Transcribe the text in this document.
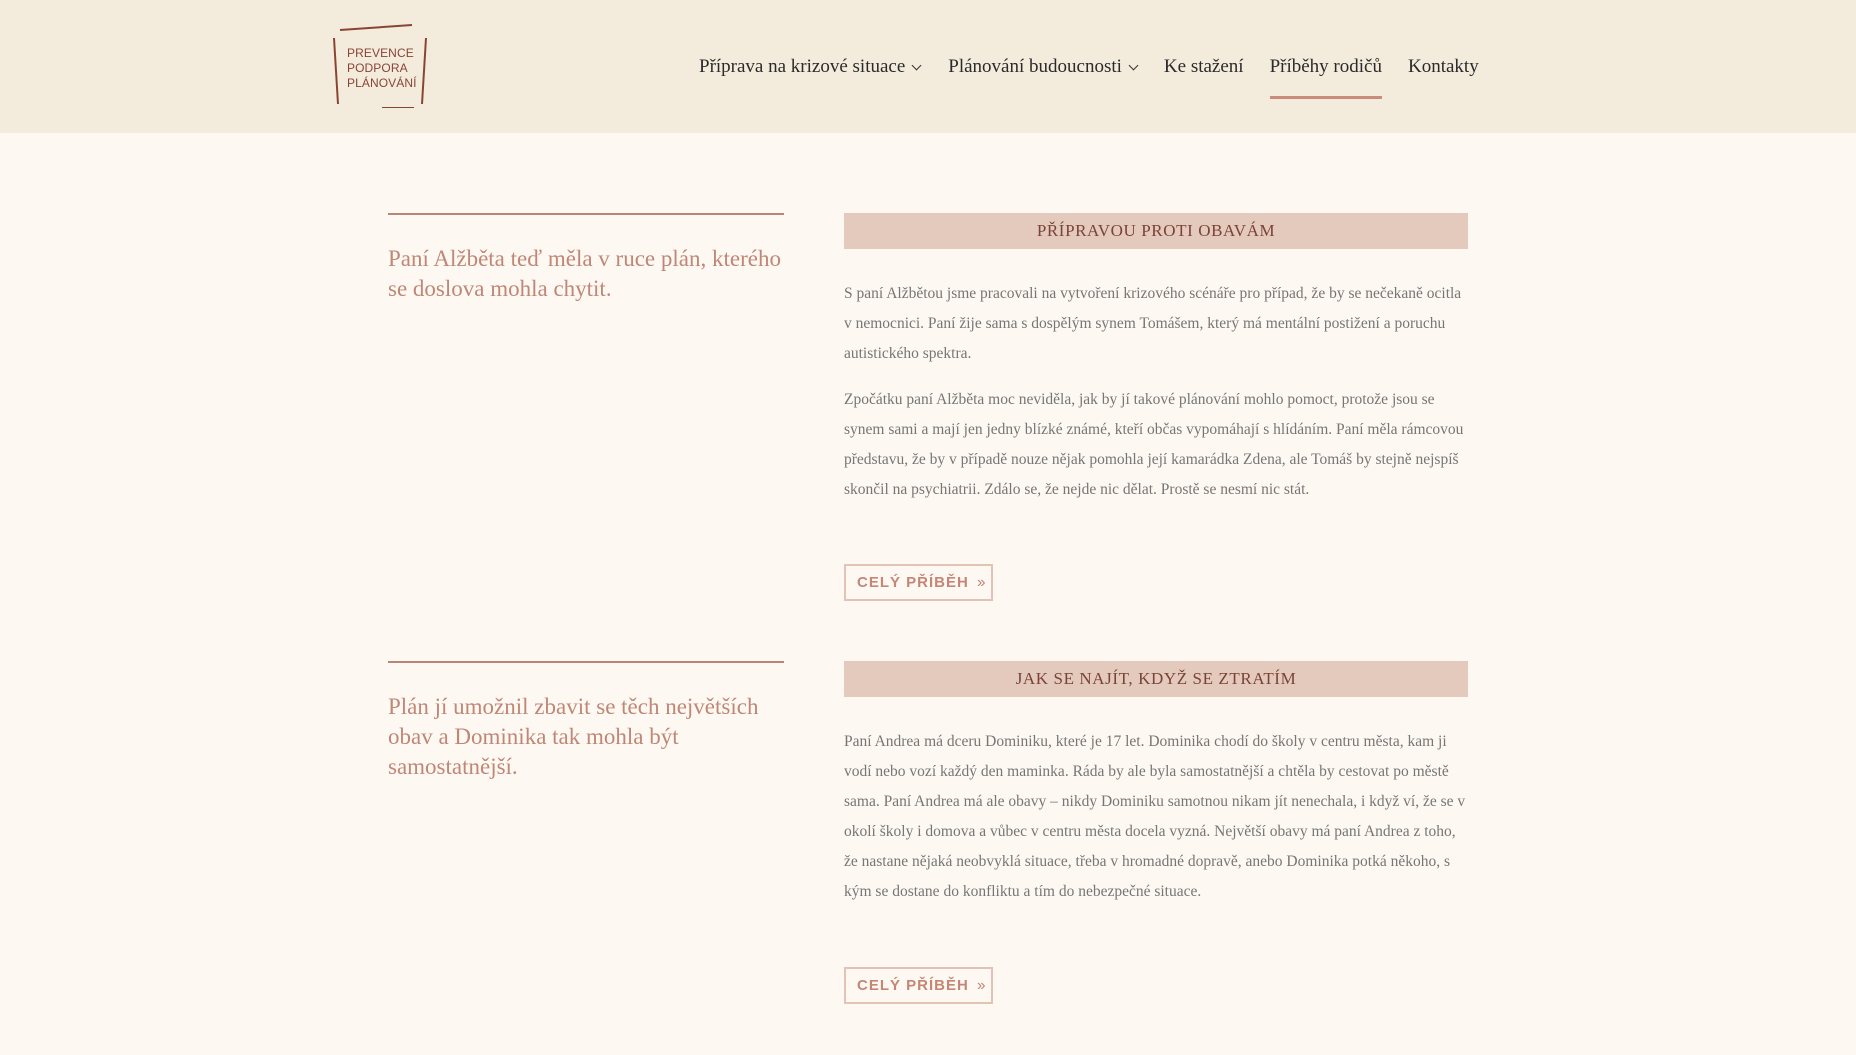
PREVENCE
PODPORA
PLÁNOVÁNÍ
Příprava na krizové situace Plánování budoucnosti Ke stažení Příběhy rodičů Kontakty
Paní Alžběta teď měla v ruce plán, kterého se doslova mohla chytit.
PŘÍPRAVOU PROTI OBAVÁM

S paní Alžbětou jsme pracovali na vytvoření krizového scénáře pro případ, že by se nečekaně ocitla v nemocnici. Paní žije sama s dospělým synem Tomášem, který má mentální postižení a poruchu autistického spektra.

Zpočátku paní Alžběta moc neviděla, jak by jí takové plánování mohlo pomoct, protože jsou se synem sami a mají jen jedny blízké známé, kteří občas vypomáhají s hlídáním. Paní měla rámcovou představu, že by v případě nouze nějak pomohla její kamarádka Zdena, ale Tomáš by stejně nejspíš skončil na psychiatrii. Zdálo se, že nejde nic dělat. Prostě se nesmí nic stát.

CELÝ PŘÍBĚH ››
Plán jí umožnil zbavit se těch největších obav a Dominika tak mohla být samostatnější.
JAK SE NAJÍT, KDYŽ SE ZTRATÍM

Paní Andrea má dceru Dominiku, které je 17 let. Dominika chodí do školy v centru města, kam ji vodí nebo vozí každý den maminka. Ráda by ale byla samostatnější a chtěla by cestovat po městě sama. Paní Andrea má ale obavy – nikdy Dominiku samotnou nikam jít nenechala, i když ví, že se v okolí školy i domova a vůbec v centru města docela vyzná. Největší obavy má paní Andrea z toho, že nastane nějaká neobvyklá situace, třeba v hromadné dopravě, anebo Dominika potká někoho, s kým se dostane do konfliktu a tím do nebezpečné situace.

CELÝ PŘÍBĚH ››
